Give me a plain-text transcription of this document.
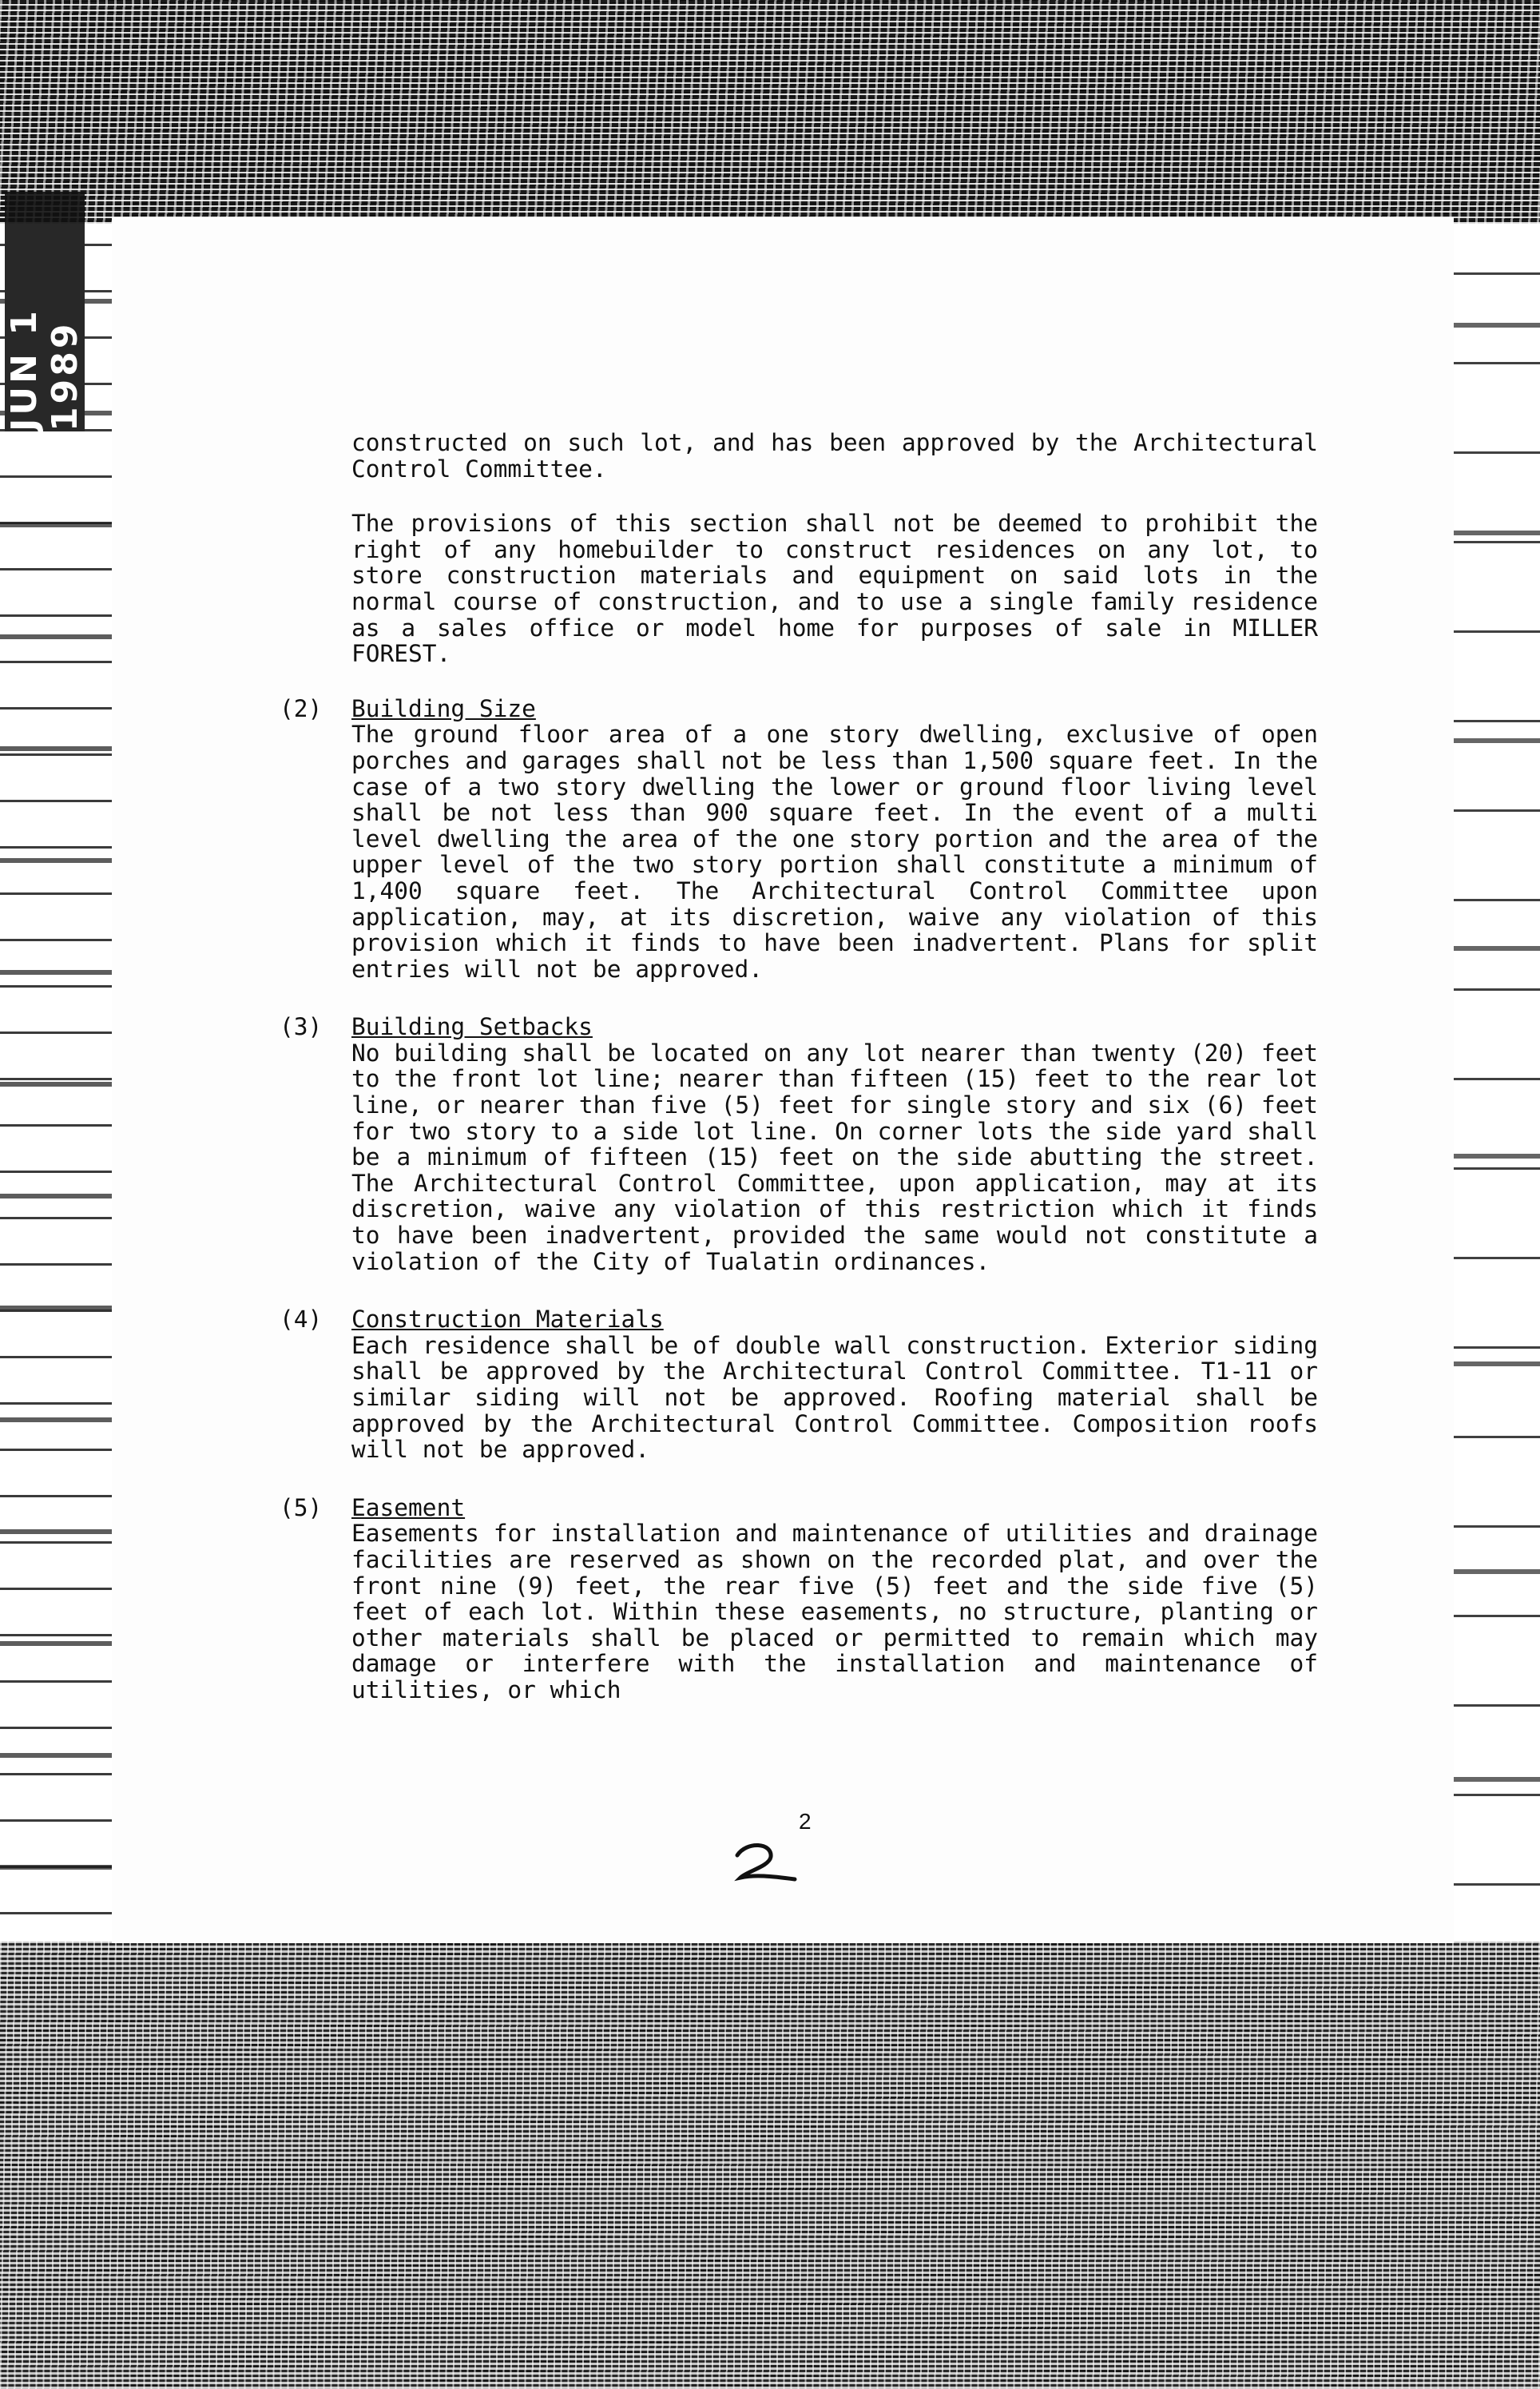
JUN 1 1989

constructed on such lot, and has been approved by the Architectural Control Committee.

The provisions of this section shall not be deemed to prohibit the right of any homebuilder to construct residences on any lot, to store construction materials and equipment on said lots in the normal course of construction, and to use a single family residence as a sales office or model home for purposes of sale in MILLER FOREST.

(2) Building Size
The ground floor area of a one story dwelling, exclusive of open porches and garages shall not be less than 1,500 square feet. In the case of a two story dwelling the lower or ground floor living level shall be not less than 900 square feet. In the event of a multi level dwelling the area of the one story portion and the area of the upper level of the two story portion shall constitute a minimum of 1,400 square feet. The Architectural Control Committee upon application, may, at its discretion, waive any violation of this provision which it finds to have been inadvertent. Plans for split entries will not be approved.
(3) Building Setbacks
No building shall be located on any lot nearer than twenty (20) feet to the front lot line; nearer than fifteen (15) feet to the rear lot line, or nearer than five (5) feet for single story and six (6) feet for two story to a side lot line. On corner lots the side yard shall be a minimum of fifteen (15) feet on the side abutting the street. The Architectural Control Committee, upon application, may at its discretion, waive any violation of this restriction which it finds to have been inadvertent, provided the same would not constitute a violation of the City of Tualatin ordinances.
(4) Construction Materials
Each residence shall be of double wall construction. Exterior siding shall be approved by the Architectural Control Committee. T1-11 or similar siding will not be approved. Roofing material shall be approved by the Architectural Control Committee. Composition roofs will not be approved.
(5) Easement
Easements for installation and maintenance of utilities and drainage facilities are reserved as shown on the recorded plat, and over the front nine (9) feet, the rear five (5) feet and the side five (5) feet of each lot. Within these easements, no structure, planting or other materials shall be placed or permitted to remain which may damage or interfere with the installation and maintenance of utilities, or which
2
